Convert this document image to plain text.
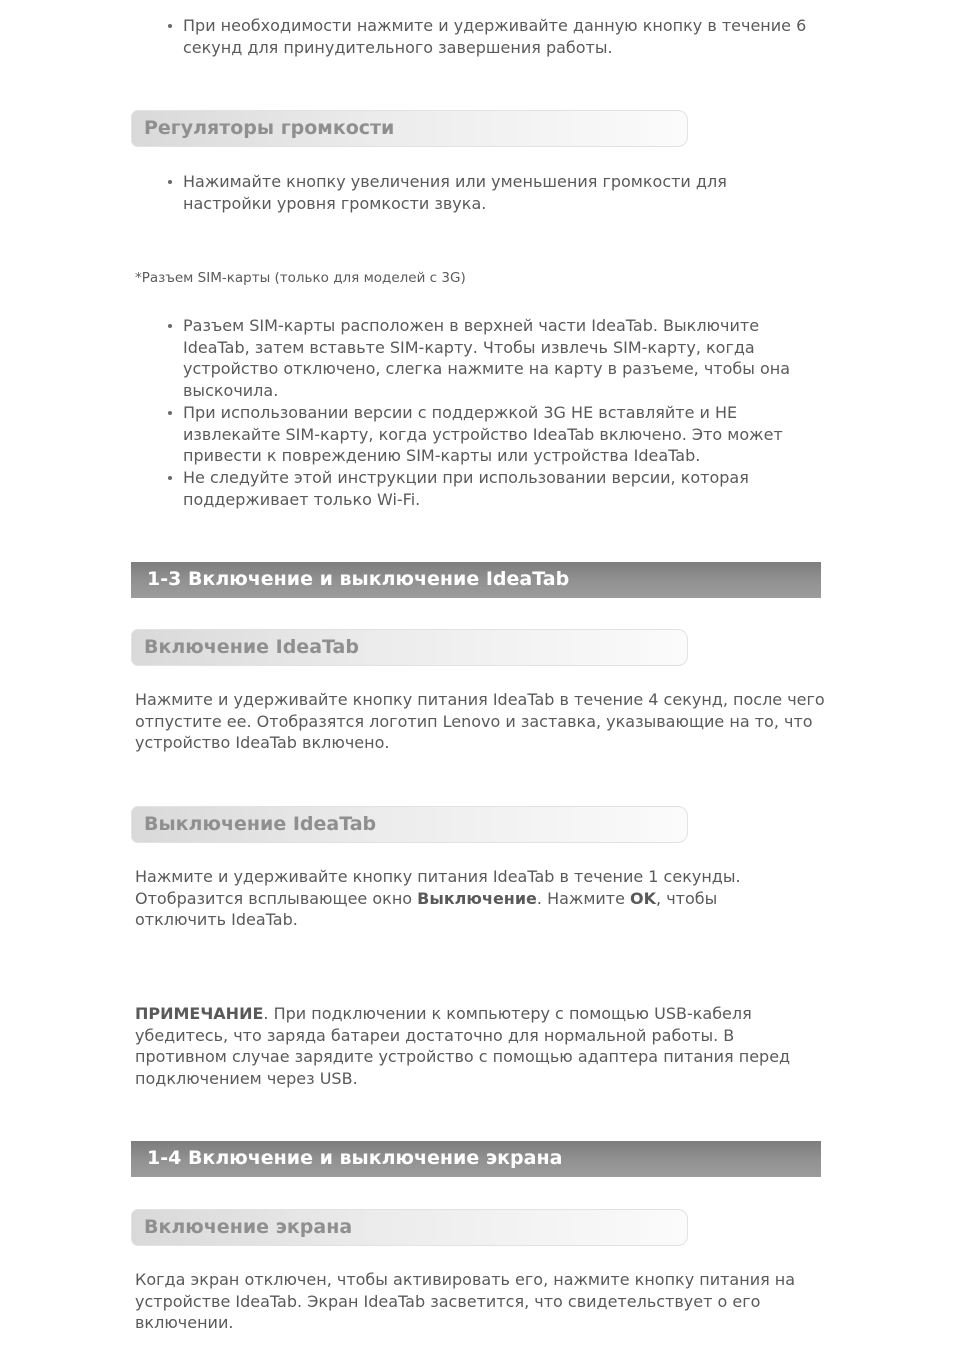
При необходимости нажмите и удерживайте данную кнопку в течение 6 секунд для принудительного завершения работы.
Регуляторы громкости
Нажимайте кнопку увеличения или уменьшения громкости для настройки уровня громкости звука.
*Разъем SIM-карты (только для моделей с 3G)
Разъем SIM-карты расположен в верхней части IdeaTab. Выключите IdeaTab, затем вставьте SIM-карту. Чтобы извлечь SIM-карту, когда устройство отключено, слегка нажмите на карту в разъеме, чтобы она выскочила.
При использовании версии с поддержкой 3G НЕ вставляйте и НЕ извлекайте SIM-карту, когда устройство IdeaTab включено. Это может привести к повреждению SIM-карты или устройства IdeaTab.
Не следуйте этой инструкции при использовании версии, которая поддерживает только Wi-Fi.
1-3 Включение и выключение IdeaTab
Включение IdeaTab
Нажмите и удерживайте кнопку питания IdeaTab в течение 4 секунд, после чего отпустите ее. Отобразятся логотип Lenovo и заставка, указывающие на то, что устройство IdeaTab включено.
Выключение IdeaTab
Нажмите и удерживайте кнопку питания IdeaTab в течение 1 секунды. Отобразится всплывающее окно Выключение. Нажмите OK, чтобы отключить IdeaTab.
ПРИМЕЧАНИЕ. При подключении к компьютеру с помощью USB-кабеля убедитесь, что заряда батареи достаточно для нормальной работы. В противном случае зарядите устройство с помощью адаптера питания перед подключением через USB.
1-4 Включение и выключение экрана
Включение экрана
Когда экран отключен, чтобы активировать его, нажмите кнопку питания на устройстве IdeaTab. Экран IdeaTab засветится, что свидетельствует о его включении.
